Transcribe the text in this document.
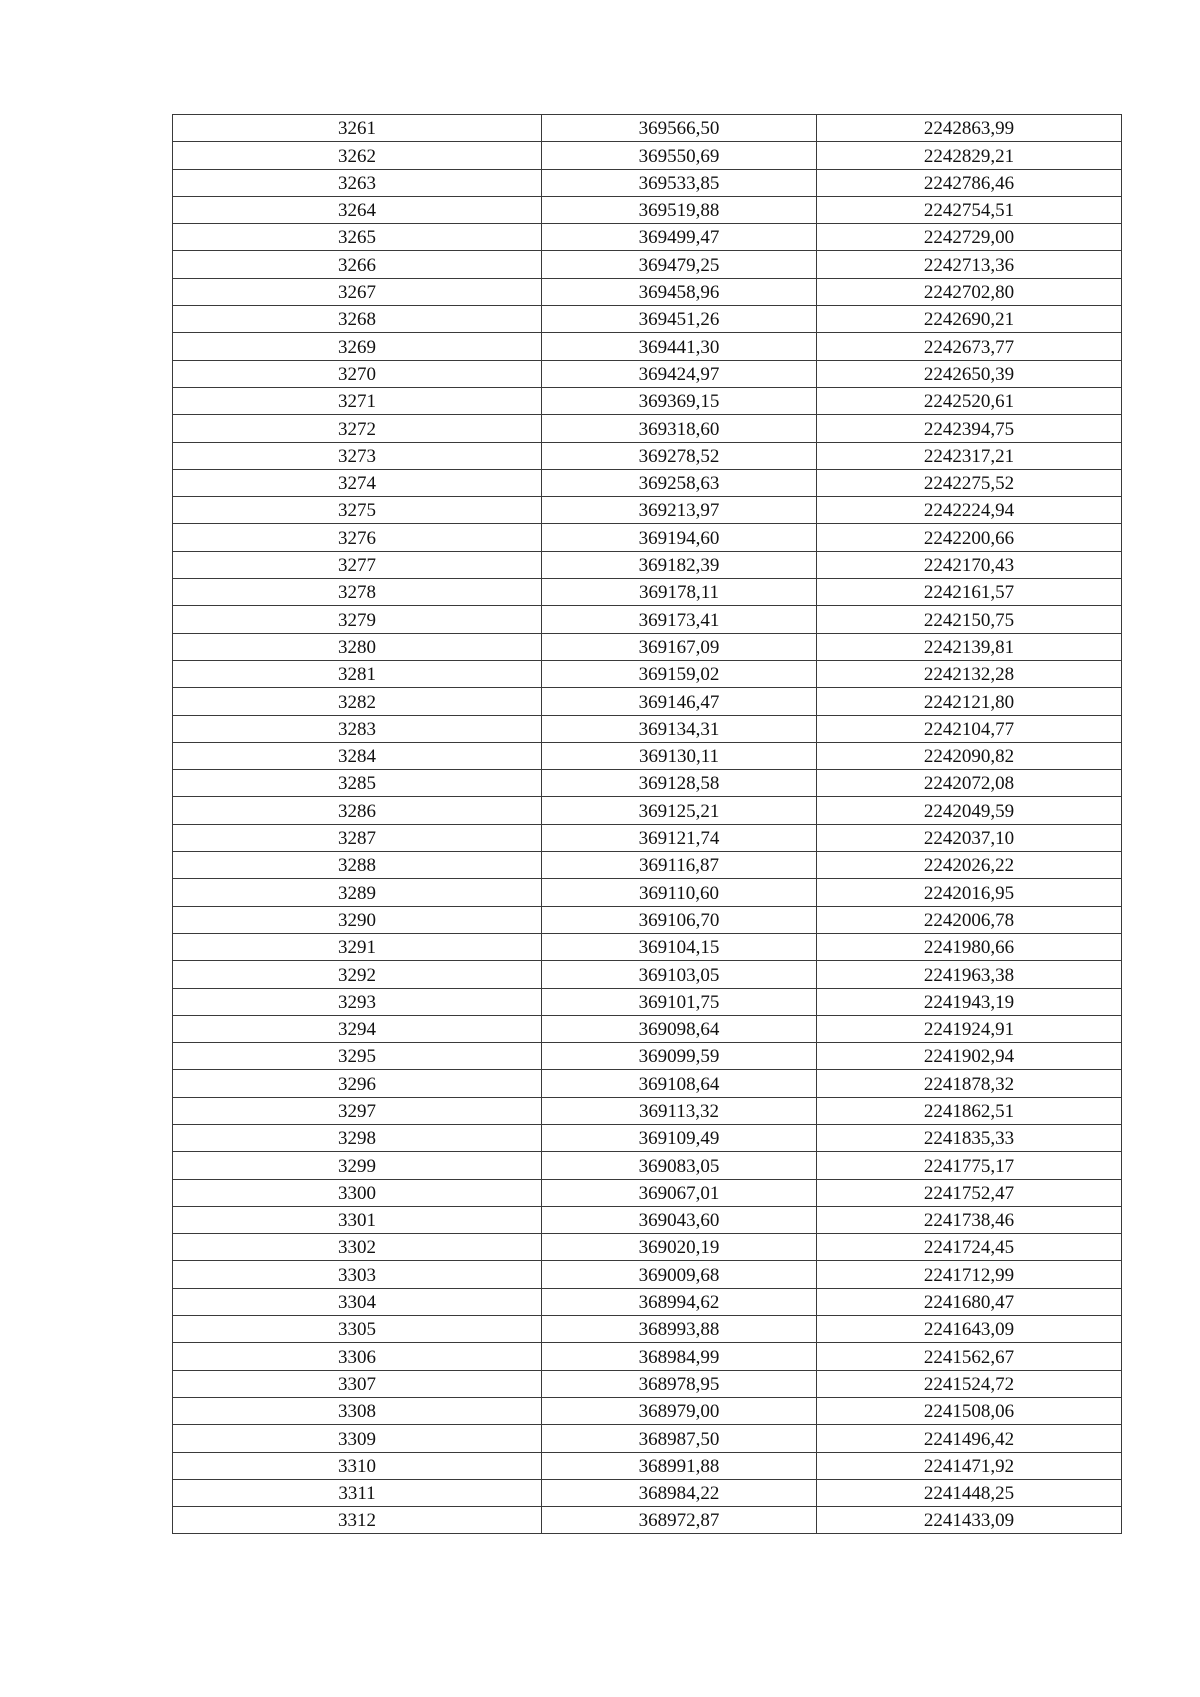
3261	369566,50	2242863,99
3262	369550,69	2242829,21
3263	369533,85	2242786,46
3264	369519,88	2242754,51
3265	369499,47	2242729,00
3266	369479,25	2242713,36
3267	369458,96	2242702,80
3268	369451,26	2242690,21
3269	369441,30	2242673,77
3270	369424,97	2242650,39
3271	369369,15	2242520,61
3272	369318,60	2242394,75
3273	369278,52	2242317,21
3274	369258,63	2242275,52
3275	369213,97	2242224,94
3276	369194,60	2242200,66
3277	369182,39	2242170,43
3278	369178,11	2242161,57
3279	369173,41	2242150,75
3280	369167,09	2242139,81
3281	369159,02	2242132,28
3282	369146,47	2242121,80
3283	369134,31	2242104,77
3284	369130,11	2242090,82
3285	369128,58	2242072,08
3286	369125,21	2242049,59
3287	369121,74	2242037,10
3288	369116,87	2242026,22
3289	369110,60	2242016,95
3290	369106,70	2242006,78
3291	369104,15	2241980,66
3292	369103,05	2241963,38
3293	369101,75	2241943,19
3294	369098,64	2241924,91
3295	369099,59	2241902,94
3296	369108,64	2241878,32
3297	369113,32	2241862,51
3298	369109,49	2241835,33
3299	369083,05	2241775,17
3300	369067,01	2241752,47
3301	369043,60	2241738,46
3302	369020,19	2241724,45
3303	369009,68	2241712,99
3304	368994,62	2241680,47
3305	368993,88	2241643,09
3306	368984,99	2241562,67
3307	368978,95	2241524,72
3308	368979,00	2241508,06
3309	368987,50	2241496,42
3310	368991,88	2241471,92
3311	368984,22	2241448,25
3312	368972,87	2241433,09
